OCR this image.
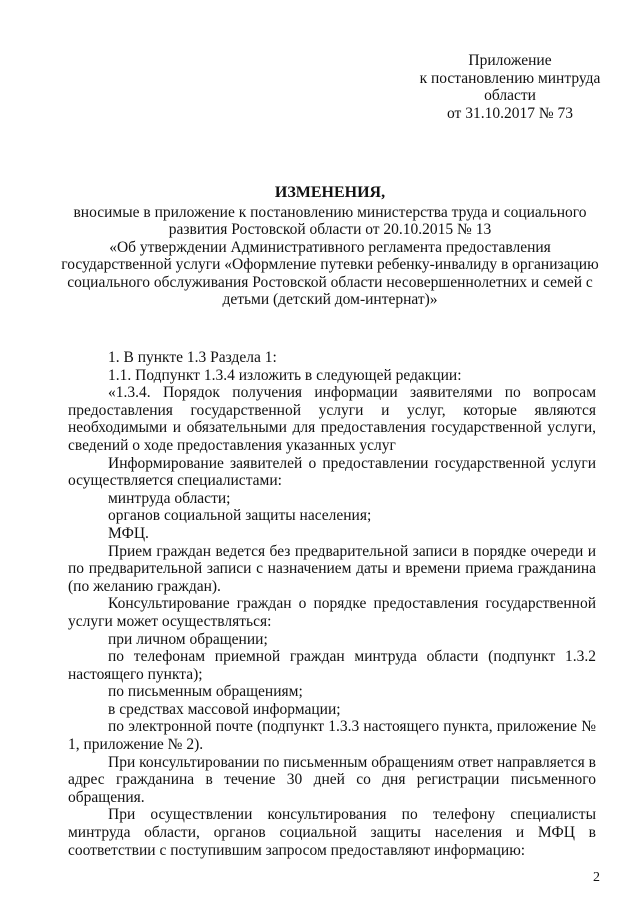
Приложение
к постановлению минтруда
области
от 31.10.2017 № 73
ИЗМЕНЕНИЯ,
вносимые в приложение к постановлению министерства труда и социального
развития Ростовской области от 20.10.2015 № 13
«Об утверждении Административного регламента предоставления
государственной услуги «Оформление путевки ребенку-инвалиду в организацию
социального обслуживания Ростовской области несовершеннолетних и семей с
детьми (детский дом-интернат)»

1. В пункте 1.3 Раздела 1:

1.1. Подпункт 1.3.4 изложить в следующей редакции:

«1.3.4. Порядок получения информации заявителями по вопросам предоставления государственной услуги и услуг, которые являются необходимыми и обязательными для предоставления государственной услуги, сведений о ходе предоставления указанных услуг

Информирование заявителей о предоставлении государственной услуги осуществляется специалистами:

минтруда области;

органов социальной защиты населения;

МФЦ.

Прием граждан ведется без предварительной записи в порядке очереди и по предварительной записи с назначением даты и времени приема гражданина (по желанию граждан).

Консультирование граждан о порядке предоставления государственной услуги может осуществляться:

при личном обращении;

по телефонам приемной граждан минтруда области (подпункт 1.3.2 настоящего пункта);

по письменным обращениям;

в средствах массовой информации;

по электронной почте (подпункт 1.3.3 настоящего пункта, приложение № 1, приложение № 2).

При консультировании по письменным обращениям ответ направляется в адрес гражданина в течение 30 дней со дня регистрации письменного обращения.

При осуществлении консультирования по телефону специалисты минтруда области, органов социальной защиты населения и МФЦ в соответствии с поступившим запросом предоставляют информацию:

2
